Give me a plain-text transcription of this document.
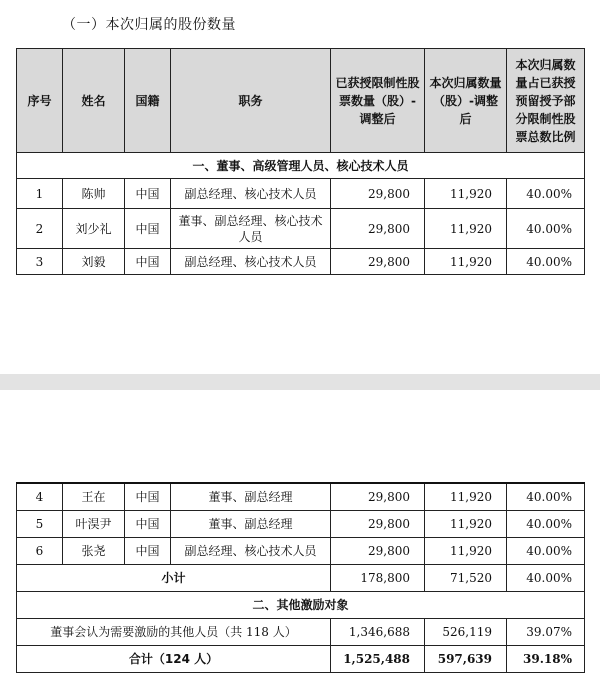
（一）本次归属的股份数量
序号	姓名	国籍	职务	已获授限制性股票数量（股）-调整后	本次归属数量（股）-调整后	本次归属数量占已获授预留授予部分限制性股票总数比例
一、董事、高级管理人员、核心技术人员						
1	陈帅	中国	副总经理、核心技术人员	29,800	11,920	40.00%
2	刘少礼	中国	董事、副总经理、核心技术人员	29,800	11,920	40.00%
3	刘毅	中国	副总经理、核心技术人员	29,800	11,920	40.00%
4	王在	中国	董事、副总经理	29,800	11,920	40.00%
5	叶淏尹	中国	董事、副总经理	29,800	11,920	40.00%
6	张尧	中国	副总经理、核心技术人员	29,800	11,920	40.00%
小计				178,800	71,520	40.00%
二、其他激励对象						
董事会认为需要激励的其他人员（共 118 人）				1,346,688	526,119	39.07%
合计（124 人）				1,525,488	597,639	39.18%
